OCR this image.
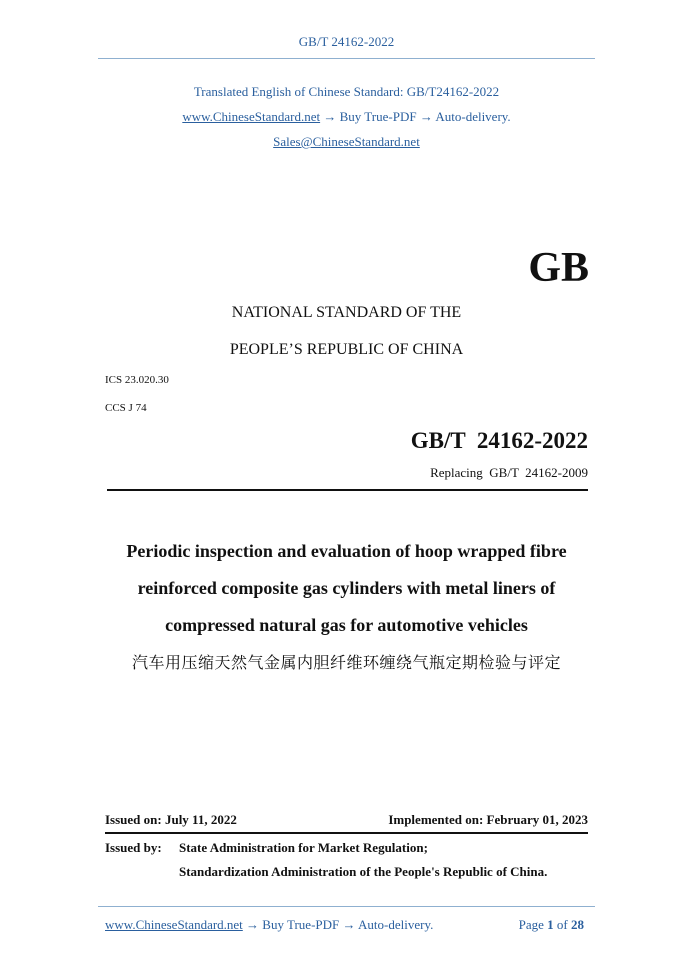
GB/T 24162-2022
Translated English of Chinese Standard: GB/T24162-2022
www.ChineseStandard.net → Buy True-PDF → Auto-delivery.
Sales@ChineseStandard.net
GB
NATIONAL STANDARD OF THE
PEOPLE’S REPUBLIC OF CHINA
ICS 23.020.30
CCS J 74
GB/T  24162-2022
Replacing  GB/T  24162-2009
Periodic inspection and evaluation of hoop wrapped fibre
reinforced composite gas cylinders with metal liners of
compressed natural gas for automotive vehicles
汽车用压缩天然气金属内胆纤维环缠绕气瓶定期检验与评定
Issued on: July 11, 2022	Implemented on: February 01, 2023
Issued by: State Administration for Market Regulation;
Standardization Administration of the People's Republic of China.
www.ChineseStandard.net → Buy True-PDF → Auto-delivery.	Page 1 of 28
